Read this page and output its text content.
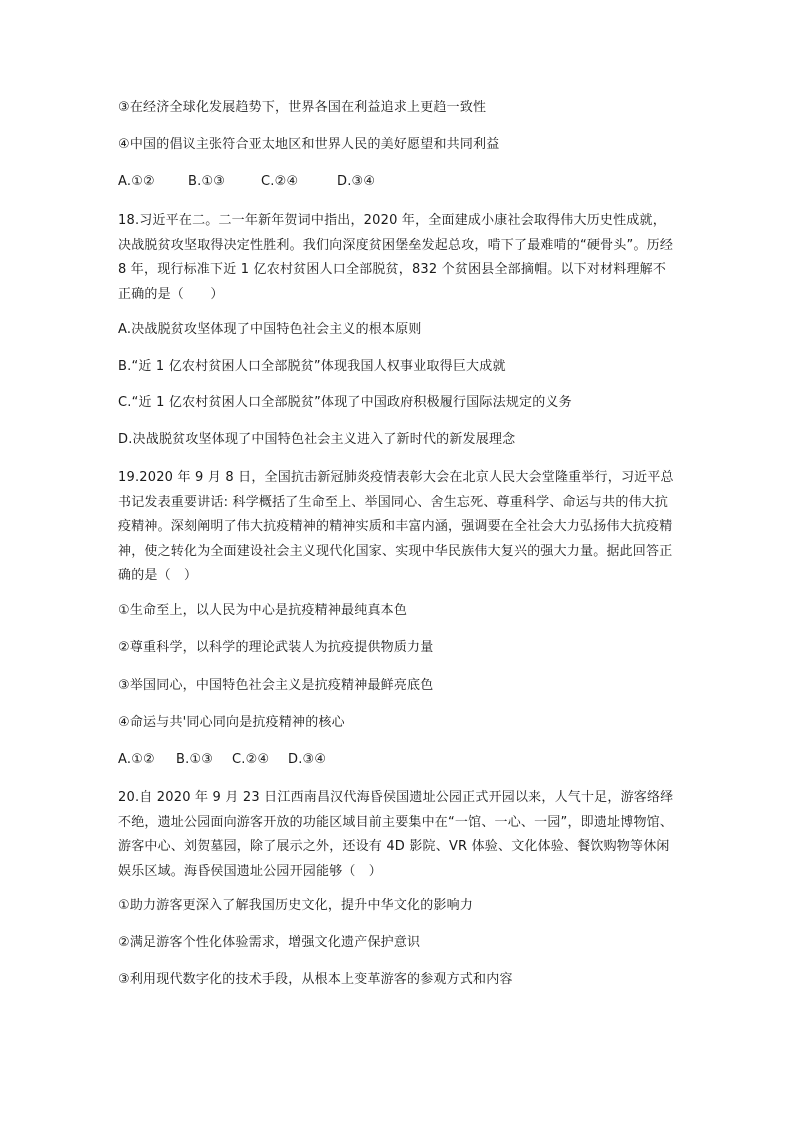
③在经济全球化发展趋势下，世界各国在利益追求上更趋一致性
④中国的倡议主张符合亚太地区和世界人民的美好愿望和共同利益
A.①②	B.①③	C.②④	D.③④
18.习近平在二。二一年新年贺词中指出，2020 年，全面建成小康社会取得伟大历史性成就，决战脱贫攻坚取得决定性胜利。我们向深度贫困堡垒发起总攻，啃下了最难啃的“硬骨头”。历经 8 年，现行标准下近 1 亿农村贫困人口全部脱贫，832 个贫困县全部摘帽。以下对材料理解不正确的是（　　）
A.决战脱贫攻坚体现了中国特色社会主义的根本原则
B.“近 1 亿农村贫困人口全部脱贫”体现我国人权事业取得巨大成就
C.“近 1 亿农村贫困人口全部脱贫”体现了中国政府积极履行国际法规定的义务
D.决战脱贫攻坚体现了中国特色社会主义进入了新时代的新发展理念
19.2020 年 9 月 8 日，全国抗击新冠肺炎疫情表彰大会在北京人民大会堂隆重举行，习近平总书记发表重要讲话: 科学概括了生命至上、举国同心、舍生忘死、尊重科学、命运与共的伟大抗疫精神。深刻阐明了伟大抗疫精神的精神实质和丰富内涵，强调要在全社会大力弘扬伟大抗疫精神，使之转化为全面建设社会主义现代化国家、实现中华民族伟大复兴的强大力量。据此回答正确的是（　）
①生命至上，以人民为中心是抗疫精神最纯真本色
②尊重科学，以科学的理论武装人为抗疫提供物质力量
③举国同心，中国特色社会主义是抗疫精神最鲜亮底色
④命运与共'同心同向是抗疫精神的核心
A.①② B.①③ C.②④ D.③④
20.自 2020 年 9 月 23 日江西南昌汉代海昏侯国遗址公园正式开园以来，人气十足，游客络绎不绝，遗址公园面向游客开放的功能区域目前主要集中在“一馆、一心、一园”，即遗址博物馆、游客中心、刘贺墓园，除了展示之外，还设有 4D 影院、VR 体验、文化体验、餐饮购物等休闲娱乐区域。海昏侯国遗址公园开园能够（　）
①助力游客更深入了解我国历史文化，提升中华文化的影响力
②满足游客个性化体验需求，增强文化遗产保护意识
③利用现代数字化的技术手段，从根本上变革游客的参观方式和内容
